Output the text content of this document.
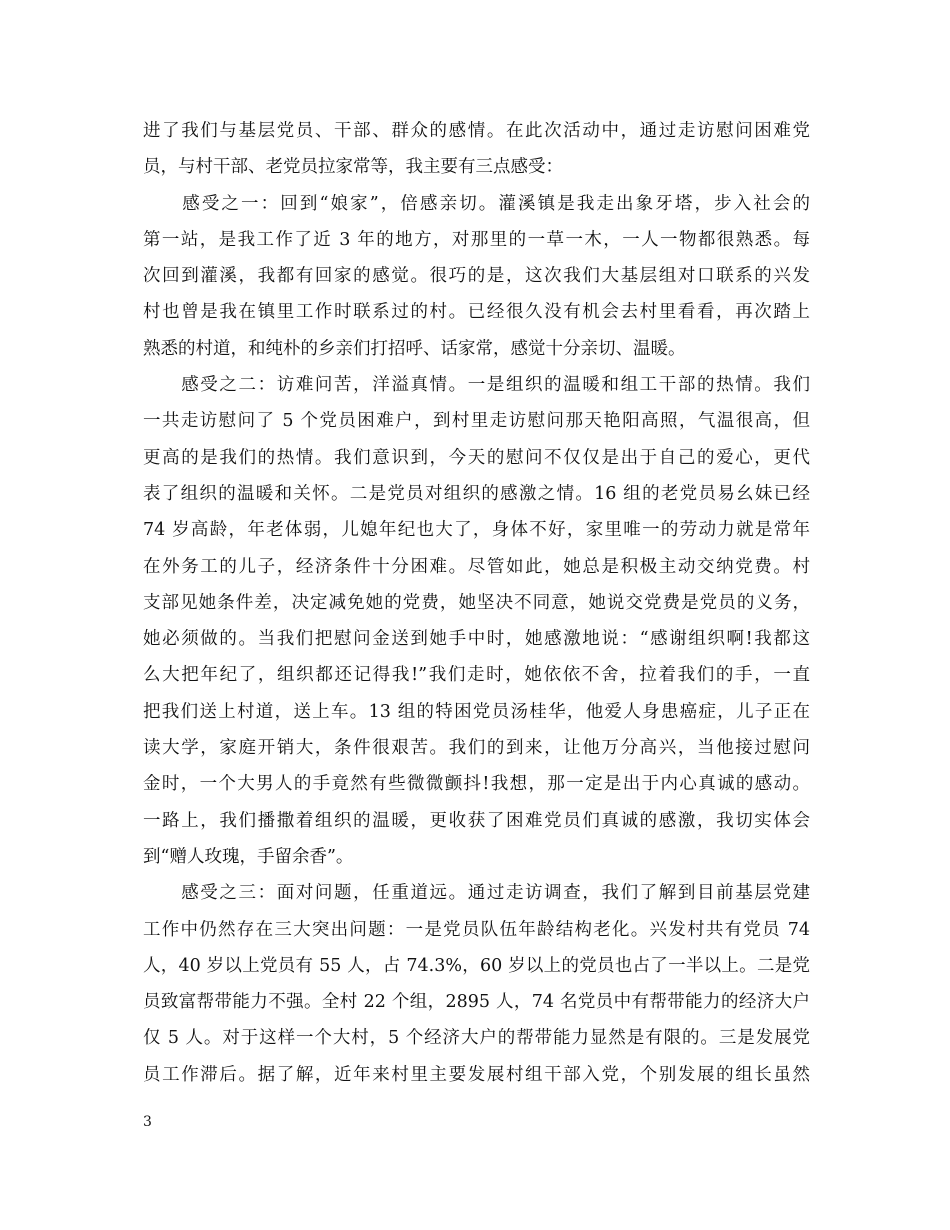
进了我们与基层党员、干部、群众的感情。在此次活动中，通过走访慰问困难党
员，与村干部、老党员拉家常等，我主要有三点感受：
　　感受之一：回到“娘家”，倍感亲切。灌溪镇是我走出象牙塔，步入社会的
第一站，是我工作了近 3 年的地方，对那里的一草一木，一人一物都很熟悉。每
次回到灌溪，我都有回家的感觉。很巧的是，这次我们大基层组对口联系的兴发
村也曾是我在镇里工作时联系过的村。已经很久没有机会去村里看看，再次踏上
熟悉的村道，和纯朴的乡亲们打招呼、话家常，感觉十分亲切、温暖。
　　感受之二：访难问苦，洋溢真情。一是组织的温暖和组工干部的热情。我们
一共走访慰问了 5 个党员困难户，到村里走访慰问那天艳阳高照，气温很高，但
更高的是我们的热情。我们意识到，今天的慰问不仅仅是出于自己的爱心，更代
表了组织的温暖和关怀。二是党员对组织的感激之情。16 组的老党员易幺妹已经
74 岁高龄，年老体弱，儿媳年纪也大了，身体不好，家里唯一的劳动力就是常年
在外务工的儿子，经济条件十分困难。尽管如此，她总是积极主动交纳党费。村
支部见她条件差，决定减免她的党费，她坚决不同意，她说交党费是党员的义务，
她必须做的。当我们把慰问金送到她手中时，她感激地说：“感谢组织啊!我都这
么大把年纪了，组织都还记得我!”我们走时，她依依不舍，拉着我们的手，一直
把我们送上村道，送上车。13 组的特困党员汤桂华，他爱人身患癌症，儿子正在
读大学，家庭开销大，条件很艰苦。我们的到来，让他万分高兴，当他接过慰问
金时，一个大男人的手竟然有些微微颤抖!我想，那一定是出于内心真诚的感动。
一路上，我们播撒着组织的温暖，更收获了困难党员们真诚的感激，我切实体会
到“赠人玫瑰，手留余香”。
　　感受之三：面对问题，任重道远。通过走访调查，我们了解到目前基层党建
工作中仍然存在三大突出问题：一是党员队伍年龄结构老化。兴发村共有党员 74
人，40 岁以上党员有 55 人，占 74.3%，60 岁以上的党员也占了一半以上。二是党
员致富帮带能力不强。全村 22 个组，2895 人，74 名党员中有帮带能力的经济大户
仅 5 人。对于这样一个大村，5 个经济大户的帮带能力显然是有限的。三是发展党
员工作滞后。据了解，近年来村里主要发展村组干部入党，个别发展的组长虽然
3
